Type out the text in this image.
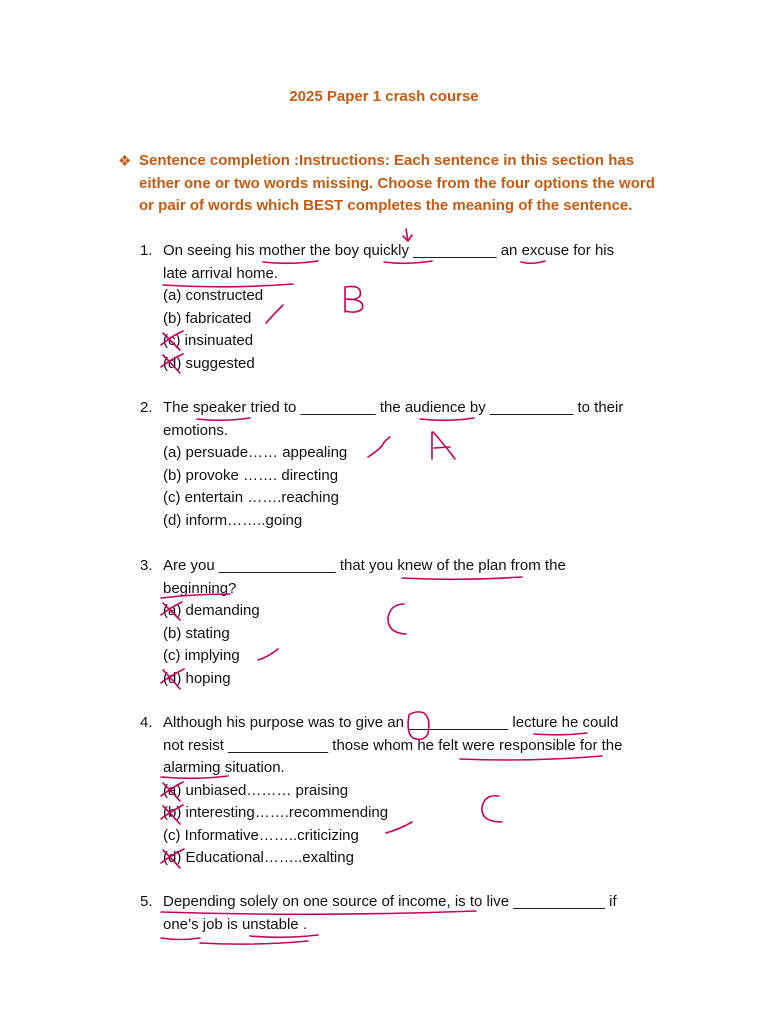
2025 Paper 1 crash course
❖ Sentence completion :Instructions: Each sentence in this section has either one or two words missing. Choose from the four options the word or pair of words which BEST completes the meaning of the sentence.
1. On seeing his mother the boy quickly __________ an excuse for his
late arrival home.
(a) constructed
(b) fabricated
(c) insinuated
(d) suggested
2. The speaker tried to _________ the audience by __________ to their
emotions.
(a) persuade…… appealing
(b) provoke ……. directing
(c) entertain …….reaching
(d) inform……..going
3. Are you ______________ that you knew of the plan from the
beginning?
(a) demanding
(b) stating
(c) implying
(d) hoping
4. Although his purpose was to give an ____________ lecture he could
not resist ____________ those whom he felt were responsible for the
alarming situation.
(a) unbiased……… praising
(b) interesting…….recommending
(c) Informative……..criticizing
(d) Educational……..exalting
5. Depending solely on one source of income, is to live ___________ if
one’s job is unstable .
